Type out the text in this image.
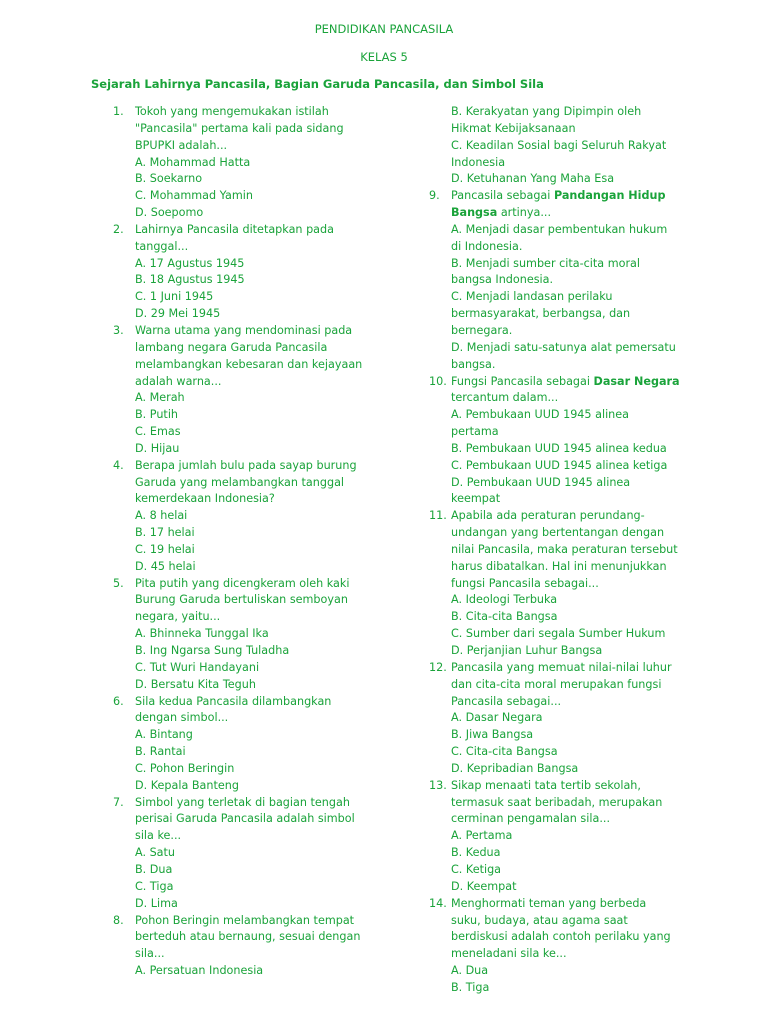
PENDIDIKAN PANCASILA
KELAS 5
Sejarah Lahirnya Pancasila, Bagian Garuda Pancasila, dan Simbol Sila
1.	Tokoh yang mengemukakan istilah
"Pancasila" pertama kali pada sidang
BPUPKI adalah...
A. Mohammad Hatta
B. Soekarno
C. Mohammad Yamin
D. Soepomo
2.	Lahirnya Pancasila ditetapkan pada
tanggal...
A. 17 Agustus 1945
B. 18 Agustus 1945
C. 1 Juni 1945
D. 29 Mei 1945
3.	Warna utama yang mendominasi pada
lambang negara Garuda Pancasila
melambangkan kebesaran dan kejayaan
adalah warna...
A. Merah
B. Putih
C. Emas
D. Hijau
4.	Berapa jumlah bulu pada sayap burung
Garuda yang melambangkan tanggal
kemerdekaan Indonesia?
A. 8 helai
B. 17 helai
C. 19 helai
D. 45 helai
5.	Pita putih yang dicengkeram oleh kaki
Burung Garuda bertuliskan semboyan
negara, yaitu...
A. Bhinneka Tunggal Ika
B. Ing Ngarsa Sung Tuladha
C. Tut Wuri Handayani
D. Bersatu Kita Teguh
6.	Sila kedua Pancasila dilambangkan
dengan simbol...
A. Bintang
B. Rantai
C. Pohon Beringin
D. Kepala Banteng
7.	Simbol yang terletak di bagian tengah
perisai Garuda Pancasila adalah simbol
sila ke...
A. Satu
B. Dua
C. Tiga
D. Lima
8.	Pohon Beringin melambangkan tempat
berteduh atau bernaung, sesuai dengan
sila...
A. Persatuan Indonesia
B. Kerakyatan yang Dipimpin oleh
Hikmat Kebijaksanaan
C. Keadilan Sosial bagi Seluruh Rakyat
Indonesia
D. Ketuhanan Yang Maha Esa
9.	Pancasila sebagai Pandangan Hidup
Bangsa artinya...
A. Menjadi dasar pembentukan hukum
di Indonesia.
B. Menjadi sumber cita-cita moral
bangsa Indonesia.
C. Menjadi landasan perilaku
bermasyarakat, berbangsa, dan
bernegara.
D. Menjadi satu-satunya alat pemersatu
bangsa.
10. Fungsi Pancasila sebagai Dasar Negara
tercantum dalam...
A. Pembukaan UUD 1945 alinea
pertama
B. Pembukaan UUD 1945 alinea kedua
C. Pembukaan UUD 1945 alinea ketiga
D. Pembukaan UUD 1945 alinea
keempat
11. Apabila ada peraturan perundang-
undangan yang bertentangan dengan
nilai Pancasila, maka peraturan tersebut
harus dibatalkan. Hal ini menunjukkan
fungsi Pancasila sebagai...
A. Ideologi Terbuka
B. Cita-cita Bangsa
C. Sumber dari segala Sumber Hukum
D. Perjanjian Luhur Bangsa
12. Pancasila yang memuat nilai-nilai luhur
dan cita-cita moral merupakan fungsi
Pancasila sebagai...
A. Dasar Negara
B. Jiwa Bangsa
C. Cita-cita Bangsa
D. Kepribadian Bangsa
13. Sikap menaati tata tertib sekolah,
termasuk saat beribadah, merupakan
cerminan pengamalan sila...
A. Pertama
B. Kedua
C. Ketiga
D. Keempat
14. Menghormati teman yang berbeda
suku, budaya, atau agama saat
berdiskusi adalah contoh perilaku yang
meneladani sila ke...
A. Dua
B. Tiga
